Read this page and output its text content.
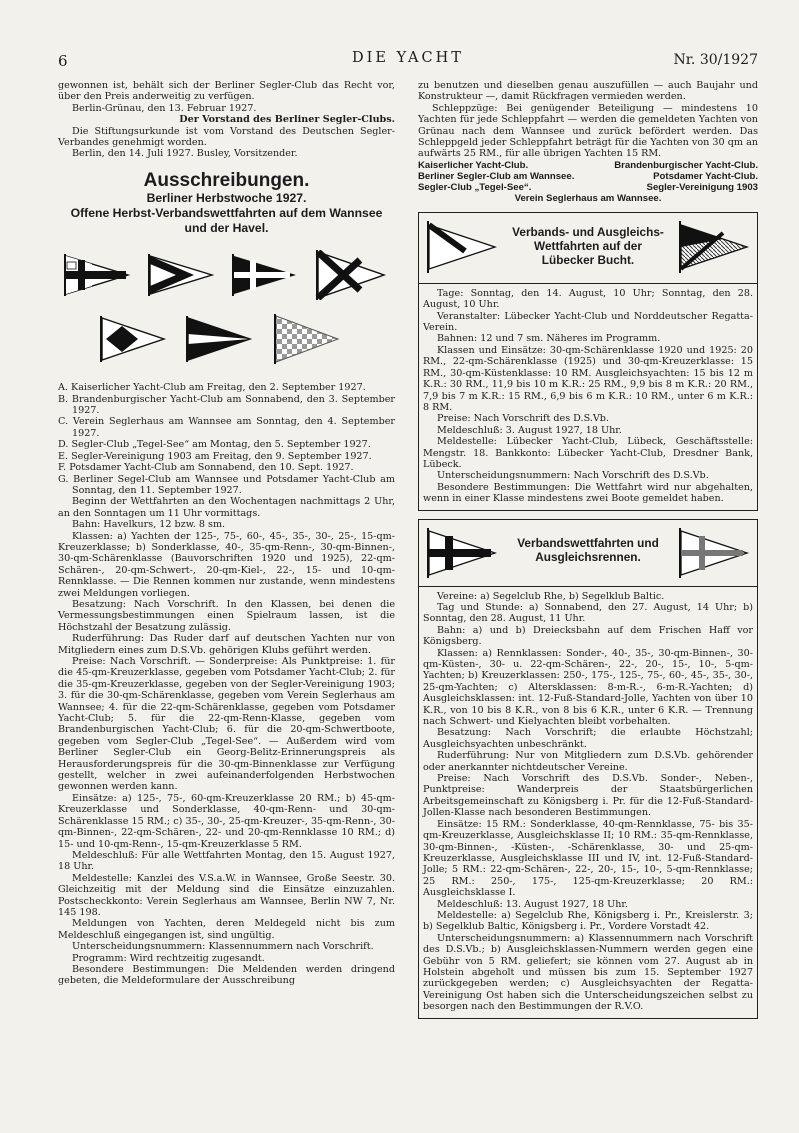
6	DIE YACHT	Nr. 30/1927

gewonnen ist, behält sich der Berliner Segler-Club das Recht vor, über den Preis anderweitig zu verfügen.

Berlin-Grünau, den 13. Februar 1927.

Der Vorstand des Berliner Segler-Clubs.

Die Stiftungsurkunde ist vom Vorstand des Deutschen Segler-Verbandes genehmigt worden.

Berlin, den 14. Juli 1927. Busley, Vorsitzender.

Ausschreibungen.
Berliner Herbstwoche 1927.
Offene Herbst-Verbandswettfahrten auf dem Wannsee und der Havel.

A. Kaiserlicher Yacht-Club am Freitag, den 2. September 1927.

B. Brandenburgischer Yacht-Club am Sonnabend, den 3. September 1927.

C. Verein Seglerhaus am Wannsee am Sonntag, den 4. September 1927.

D. Segler-Club „Tegel-See“ am Montag, den 5. September 1927.

E. Segler-Vereinigung 1903 am Freitag, den 9. September 1927.

F. Potsdamer Yacht-Club am Sonnabend, den 10. Sept. 1927.

G. Berliner Segel-Club am Wannsee und Potsdamer Yacht-Club am Sonntag, den 11. September 1927.

Beginn der Wettfahrten an den Wochentagen nachmittags 2 Uhr, an den Sonntagen um 11 Uhr vormittags.

Bahn: Havelkurs, 12 bzw. 8 sm.

Klassen: a) Yachten der 125-, 75-, 60-, 45-, 35-, 30-, 25-, 15-qm-Kreuzerklasse; b) Sonderklasse, 40-, 35-qm-Renn-, 30-qm-Binnen-, 30-qm-Schärenklasse (Bauvorschriften 1920 und 1925), 22-qm-Schären-, 20-qm-Schwert-, 20-qm-Kiel-, 22-, 15- und 10-qm-Rennklasse. — Die Rennen kommen nur zustande, wenn mindestens zwei Meldungen vorliegen.

Besatzung: Nach Vorschrift. In den Klassen, bei denen die Vermessungsbestimmungen einen Spielraum lassen, ist die Höchstzahl der Besatzung zulässig.

Ruderführung: Das Ruder darf auf deutschen Yachten nur von Mitgliedern eines zum D.S.Vb. gehörigen Klubs geführt werden.

Preise: Nach Vorschrift. — Sonderpreise: Als Punktpreise: 1. für die 45-qm-Kreuzerklasse, gegeben vom Potsdamer Yacht-Club; 2. für die 35-qm-Kreuzerklasse, gegeben von der Segler-Vereinigung 1903; 3. für die 30-qm-Schärenklasse, gegeben vom Verein Seglerhaus am Wannsee; 4. für die 22-qm-Schärenklasse, gegeben vom Potsdamer Yacht-Club; 5. für die 22-qm-Renn-Klasse, gegeben vom Brandenburgischen Yacht-Club; 6. für die 20-qm-Schwertboote, gegeben vom Segler-Club „Tegel-See“. — Außerdem wird vom Berliner Segler-Club ein Georg-Belitz-Erinnerungspreis als Herausforderungspreis für die 30-qm-Binnenklasse zur Verfügung gestellt, welcher in zwei aufeinanderfolgenden Herbstwochen gewonnen werden kann.

Einsätze: a) 125-, 75-, 60-qm-Kreuzerklasse 20 RM.; b) 45-qm-Kreuzerklasse und Sonderklasse, 40-qm-Renn- und 30-qm-Schärenklasse 15 RM.; c) 35-, 30-, 25-qm-Kreuzer-, 35-qm-Renn-, 30-qm-Binnen-, 22-qm-Schären-, 22- und 20-qm-Rennklasse 10 RM.; d) 15- und 10-qm-Renn-, 15-qm-Kreuzerklasse 5 RM.

Meldeschluß: Für alle Wettfahrten Montag, den 15. August 1927, 18 Uhr.

Meldestelle: Kanzlei des V.S.a.W. in Wannsee, Große Seestr. 30. Gleichzeitig mit der Meldung sind die Einsätze einzuzahlen. Postscheckkonto: Verein Seglerhaus am Wannsee, Berlin NW 7, Nr. 145 198.

Meldungen von Yachten, deren Meldegeld nicht bis zum Meldeschluß eingegangen ist, sind ungültig.

Unterscheidungsnummern: Klassennummern nach Vorschrift.

Programm: Wird rechtzeitig zugesandt.

Besondere Bestimmungen: Die Meldenden werden dringend gebeten, die Meldeformulare der Ausschreibung

zu benutzen und dieselben genau auszufüllen — auch Baujahr und Konstrukteur —, damit Rückfragen vermieden werden.

Schleppzüge: Bei genügender Beteiligung — mindestens 10 Yachten für jede Schleppfahrt — werden die gemeldeten Yachten von Grünau nach dem Wannsee und zurück befördert werden. Das Schleppgeld jeder Schleppfahrt beträgt für die Yachten von 30 qm an aufwärts 25 RM., für alle übrigen Yachten 15 RM.

Kaiserlicher Yacht-Club.	Brandenburgischer Yacht-Club.
Berliner Segler-Club am Wannsee.	Potsdamer Yacht-Club.
Segler-Club „Tegel-See“.	Segler-Vereinigung 1903
Verein Seglerhaus am Wannsee.
Verbands- und Ausgleichs-Wettfahrten auf der Lübecker Bucht.

Tage: Sonntag, den 14. August, 10 Uhr; Sonntag, den 28. August, 10 Uhr.

Veranstalter: Lübecker Yacht-Club und Norddeutscher Regatta-Verein.

Bahnen: 12 und 7 sm. Näheres im Programm.

Klassen und Einsätze: 30-qm-Schärenklasse 1920 und 1925: 20 RM., 22-qm-Schärenklasse (1925) und 30-qm-Kreuzerklasse: 15 RM., 30-qm-Küstenklasse: 10 RM. Ausgleichsyachten: 15 bis 12 m K.R.: 30 RM., 11,9 bis 10 m K.R.: 25 RM., 9,9 bis 8 m K.R.: 20 RM., 7,9 bis 7 m K.R.: 15 RM., 6,9 bis 6 m K.R.: 10 RM., unter 6 m K.R.: 8 RM.

Preise: Nach Vorschrift des D.S.Vb.

Meldeschluß: 3. August 1927, 18 Uhr.

Meldestelle: Lübecker Yacht-Club, Lübeck, Geschäftsstelle: Mengstr. 18. Bankkonto: Lübecker Yacht-Club, Dresdner Bank, Lübeck.

Unterscheidungsnummern: Nach Vorschrift des D.S.Vb.

Besondere Bestimmungen: Die Wettfahrt wird nur abgehalten, wenn in einer Klasse mindestens zwei Boote gemeldet haben.

Verbandswettfahrten und Ausgleichsrennen.

Vereine: a) Segelclub Rhe, b) Segelklub Baltic.

Tag und Stunde: a) Sonnabend, den 27. August, 14 Uhr; b) Sonntag, den 28. August, 11 Uhr.

Bahn: a) und b) Dreiecksbahn auf dem Frischen Haff vor Königsberg.

Klassen: a) Rennklassen: Sonder-, 40-, 35-, 30-qm-Binnen-, 30-qm-Küsten-, 30- u. 22-qm-Schären-, 22-, 20-, 15-, 10-, 5-qm-Yachten; b) Kreuzerklassen: 250-, 175-, 125-, 75-, 60-, 45-, 35-, 30-, 25-qm-Yachten; c) Altersklassen: 8-m-R.-, 6-m-R.-Yachten; d) Ausgleichsklassen: int. 12-Fuß-Standard-Jolle, Yachten von über 10 K.R., von 10 bis 8 K.R., von 8 bis 6 K.R., unter 6 K.R. — Trennung nach Schwert- und Kielyachten bleibt vorbehalten.

Besatzung: Nach Vorschrift; die erlaubte Höchstzahl; Ausgleichsyachten unbeschränkt.

Ruderführung: Nur von Mitgliedern zum D.S.Vb. gehörender oder anerkannter nichtdeutscher Vereine.

Preise: Nach Vorschrift des D.S.Vb. Sonder-, Neben-, Punktpreise: Wanderpreis der Staatsbürgerlichen Arbeitsgemeinschaft zu Königsberg i. Pr. für die 12-Fuß-Standard-Jollen-Klasse nach besonderen Bestimmungen.

Einsätze: 15 RM.: Sonderklasse, 40-qm-Rennklasse, 75- bis 35-qm-Kreuzerklasse, Ausgleichsklasse II; 10 RM.: 35-qm-Rennklasse, 30-qm-Binnen-, -Küsten-, -Schärenklasse, 30- und 25-qm-Kreuzerklasse, Ausgleichsklasse III und IV, int. 12-Fuß-Standard-Jolle; 5 RM.: 22-qm-Schären-, 22-, 20-, 15-, 10-, 5-qm-Rennklasse; 25 RM.: 250-, 175-, 125-qm-Kreuzerklasse; 20 RM.: Ausgleichsklasse I.

Meldeschluß: 13. August 1927, 18 Uhr.

Meldestelle: a) Segelclub Rhe, Königsberg i. Pr., Kreislerstr. 3; b) Segelklub Baltic, Königsberg i. Pr., Vordere Vorstadt 42.

Unterscheidungsnummern: a) Klassennummern nach Vorschrift des D.S.Vb.; b) Ausgleichsklassen-Nummern werden gegen eine Gebühr von 5 RM. geliefert; sie können vom 27. August ab in Holstein abgeholt und müssen bis zum 15. September 1927 zurückgegeben werden; c) Ausgleichsyachten der Regatta-Vereinigung Ost haben sich die Unterscheidungszeichen selbst zu besorgen nach den Bestimmungen der R.V.O.
